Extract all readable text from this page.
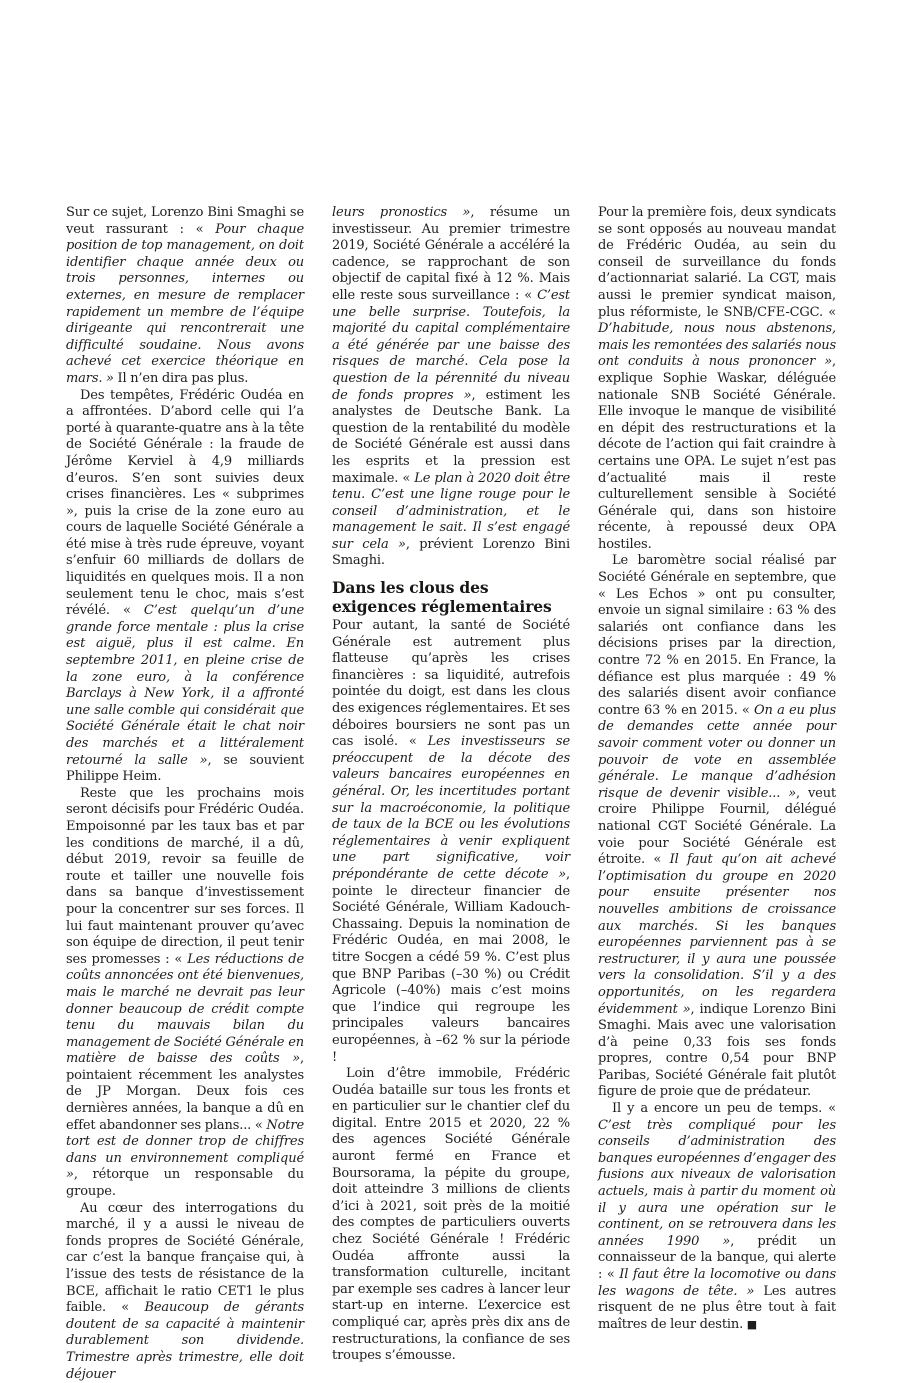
Sur ce sujet, Lorenzo Bini Smaghi se veut rassurant : « Pour chaque position de top management, on doit identifier chaque année deux ou trois personnes, internes ou externes, en mesure de remplacer rapidement un membre de l’équipe dirigeante qui rencontrerait une difficulté soudaine. Nous avons achevé cet exercice théorique en mars. » Il n’en dira pas plus.

Des tempêtes, Frédéric Oudéa en a affrontées. D’abord celle qui l’a porté à quarante-quatre ans à la tête de Société Générale : la fraude de Jérôme Kerviel à 4,9 milliards d’euros. S’en sont suivies deux crises financières. Les « subprimes », puis la crise de la zone euro au cours de laquelle Société Générale a été mise à très rude épreuve, voyant s’enfuir 60 milliards de dollars de liquidités en quelques mois. Il a non seulement tenu le choc, mais s’est révélé. « C’est quelqu’un d’une grande force mentale : plus la crise est aiguë, plus il est calme. En septembre 2011, en pleine crise de la zone euro, à la conférence Barclays à New York, il a affronté une salle comble qui considérait que Société Générale était le chat noir des marchés et a littéralement retourné la salle », se souvient Philippe Heim.

Reste que les prochains mois seront décisifs pour Frédéric Oudéa. Empoisonné par les taux bas et par les conditions de marché, il a dû, début 2019, revoir sa feuille de route et tailler une nouvelle fois dans sa banque d’investissement pour la concentrer sur ses forces. Il lui faut maintenant prouver qu’avec son équipe de direction, il peut tenir ses promesses : « Les réductions de coûts annoncées ont été bienvenues, mais le marché ne devrait pas leur donner beaucoup de crédit compte tenu du mauvais bilan du management de Société Générale en matière de baisse des coûts », pointaient récemment les analystes de JP Morgan. Deux fois ces dernières années, la banque a dû en effet abandonner ses plans... « Notre tort est de donner trop de chiffres dans un environnement compliqué », rétorque un responsable du groupe.

Au cœur des interrogations du marché, il y a aussi le niveau de fonds propres de Société Générale, car c’est la banque française qui, à l’issue des tests de résistance de la BCE, affichait le ratio CET1 le plus faible. « Beaucoup de gérants doutent de sa capacité à maintenir durablement son dividende. Trimestre après trimestre, elle doit déjouer

leurs pronostics », résume un investisseur. Au premier trimestre 2019, Société Générale a accéléré la cadence, se rapprochant de son objectif de capital fixé à 12 %. Mais elle reste sous surveillance : « C’est une belle surprise. Toutefois, la majorité du capital complémentaire a été générée par une baisse des risques de marché. Cela pose la question de la pérennité du niveau de fonds propres », estiment les analystes de Deutsche Bank. La question de la rentabilité du modèle de Société Générale est aussi dans les esprits et la pression est maximale. « Le plan à 2020 doit être tenu. C’est une ligne rouge pour le conseil d’administration, et le management le sait. Il s’est engagé sur cela », prévient Lorenzo Bini Smaghi.

Dans les clous des exigences réglementaires

Pour autant, la santé de Société Générale est autrement plus flatteuse qu’après les crises financières : sa liquidité, autrefois pointée du doigt, est dans les clous des exigences réglementaires. Et ses déboires boursiers ne sont pas un cas isolé. « Les investisseurs se préoccupent de la décote des valeurs bancaires européennes en général. Or, les incertitudes portant sur la macroéconomie, la politique de taux de la BCE ou les évolutions réglementaires à venir expliquent une part significative, voir prépondérante de cette décote », pointe le directeur financier de Société Générale, William Kadouch-Chassaing. Depuis la nomination de Frédéric Oudéa, en mai 2008, le titre Socgen a cédé 59 %. C’est plus que BNP Paribas (–30 %) ou Crédit Agricole (–40%) mais c’est moins que l’indice qui regroupe les principales valeurs bancaires européennes, à –62 % sur la période !

Loin d’être immobile, Frédéric Oudéa bataille sur tous les fronts et en particulier sur le chantier clef du digital. Entre 2015 et 2020, 22 % des agences Société Générale auront fermé en France et Boursorama, la pépite du groupe, doit atteindre 3 millions de clients d’ici à 2021, soit près de la moitié des comptes de particuliers ouverts chez Société Générale ! Frédéric Oudéa affronte aussi la transformation culturelle, incitant par exemple ses cadres à lancer leur start-up en interne. L’exercice est compliqué car, après près dix ans de restructurations, la confiance de ses troupes s’émousse.

Pour la première fois, deux syndicats se sont opposés au nouveau mandat de Frédéric Oudéa, au sein du conseil de surveillance du fonds d’actionnariat salarié. La CGT, mais aussi le premier syndicat maison, plus réformiste, le SNB/CFE-CGC. « D’habitude, nous nous abstenons, mais les remontées des salariés nous ont conduits à nous prononcer », explique Sophie Waskar, déléguée nationale SNB Société Générale. Elle invoque le manque de visibilité en dépit des restructurations et la décote de l’action qui fait craindre à certains une OPA. Le sujet n’est pas d’actualité mais il reste culturellement sensible à Société Générale qui, dans son histoire récente, à repoussé deux OPA hostiles.

Le baromètre social réalisé par Société Générale en septembre, que « Les Echos » ont pu consulter, envoie un signal similaire : 63 % des salariés ont confiance dans les décisions prises par la direction, contre 72 % en 2015. En France, la défiance est plus marquée : 49 % des salariés disent avoir confiance contre 63 % en 2015. « On a eu plus de demandes cette année pour savoir comment voter ou donner un pouvoir de vote en assemblée générale. Le manque d’adhésion risque de devenir visible... », veut croire Philippe Fournil, délégué national CGT Société Générale. La voie pour Société Générale est étroite. « Il faut qu’on ait achevé l’optimisation du groupe en 2020 pour ensuite présenter nos nouvelles ambitions de croissance aux marchés. Si les banques européennes parviennent pas à se restructurer, il y aura une poussée vers la consolidation. S’il y a des opportunités, on les regardera évidemment », indique Lorenzo Bini Smaghi. Mais avec une valorisation d’à peine 0,33 fois ses fonds propres, contre 0,54 pour BNP Paribas, Société Générale fait plutôt figure de proie que de prédateur.

Il y a encore un peu de temps. « C’est très compliqué pour les conseils d’administration des banques européennes d’engager des fusions aux niveaux de valorisation actuels, mais à partir du moment où il y aura une opération sur le continent, on se retrouvera dans les années 1990 », prédit un connaisseur de la banque, qui alerte : « Il faut être la locomotive ou dans les wagons de tête. » Les autres risquent de ne plus être tout à fait maîtres de leur destin. ■
